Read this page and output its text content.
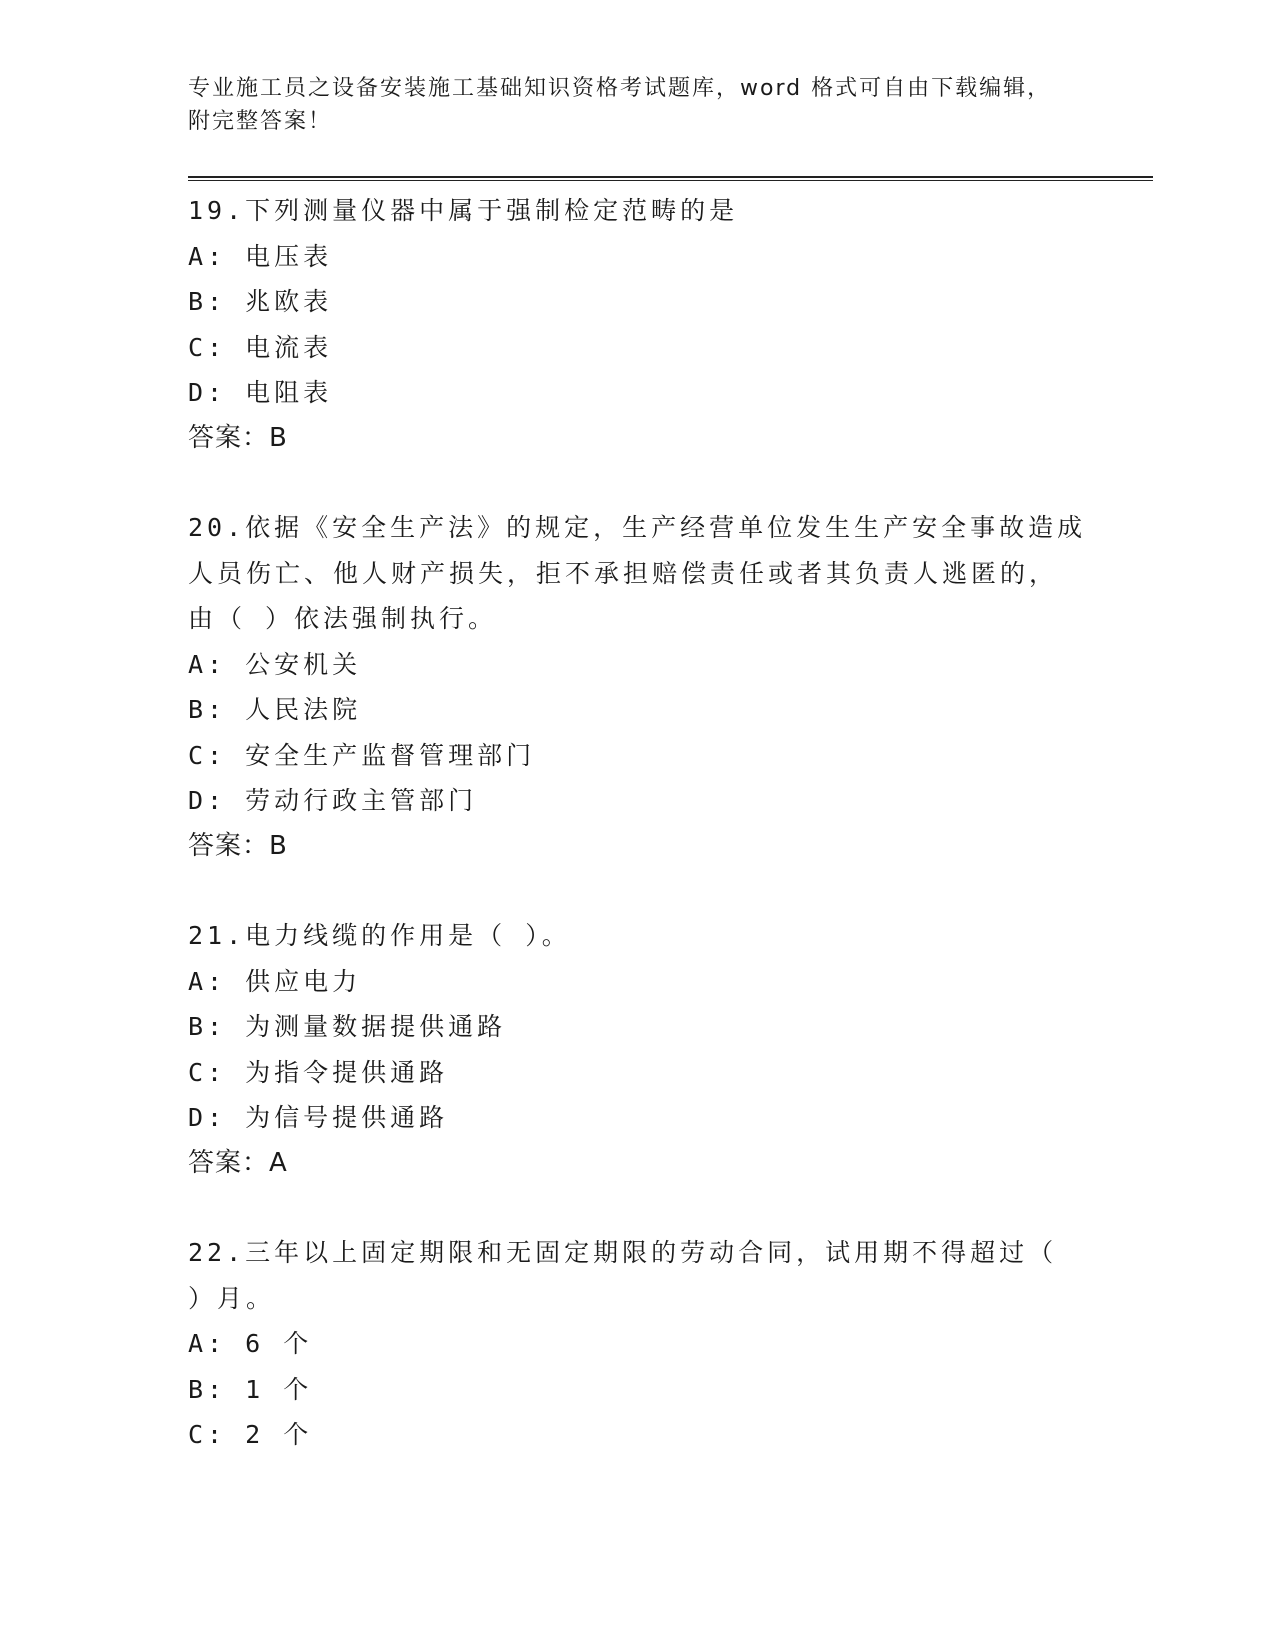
专业施工员之设备安装施工基础知识资格考试题库，word 格式可自由下载编辑，
附完整答案！
19.下列测量仪器中属于强制检定范畴的是
A: 电压表
B: 兆欧表
C: 电流表
D: 电阻表
答案：B
20.依据《安全生产法》的规定，生产经营单位发生生产安全事故造成
人员伤亡、他人财产损失，拒不承担赔偿责任或者其负责人逃匿的，
由（ ）依法强制执行。
A: 公安机关
B: 人民法院
C: 安全生产监督管理部门
D: 劳动行政主管部门
答案：B
21.电力线缆的作用是（ ）。
A: 供应电力
B: 为测量数据提供通路
C: 为指令提供通路
D: 为信号提供通路
答案：A
22.三年以上固定期限和无固定期限的劳动合同，试用期不得超过（
）月。
A: 6 个
B: 1 个
C: 2 个
